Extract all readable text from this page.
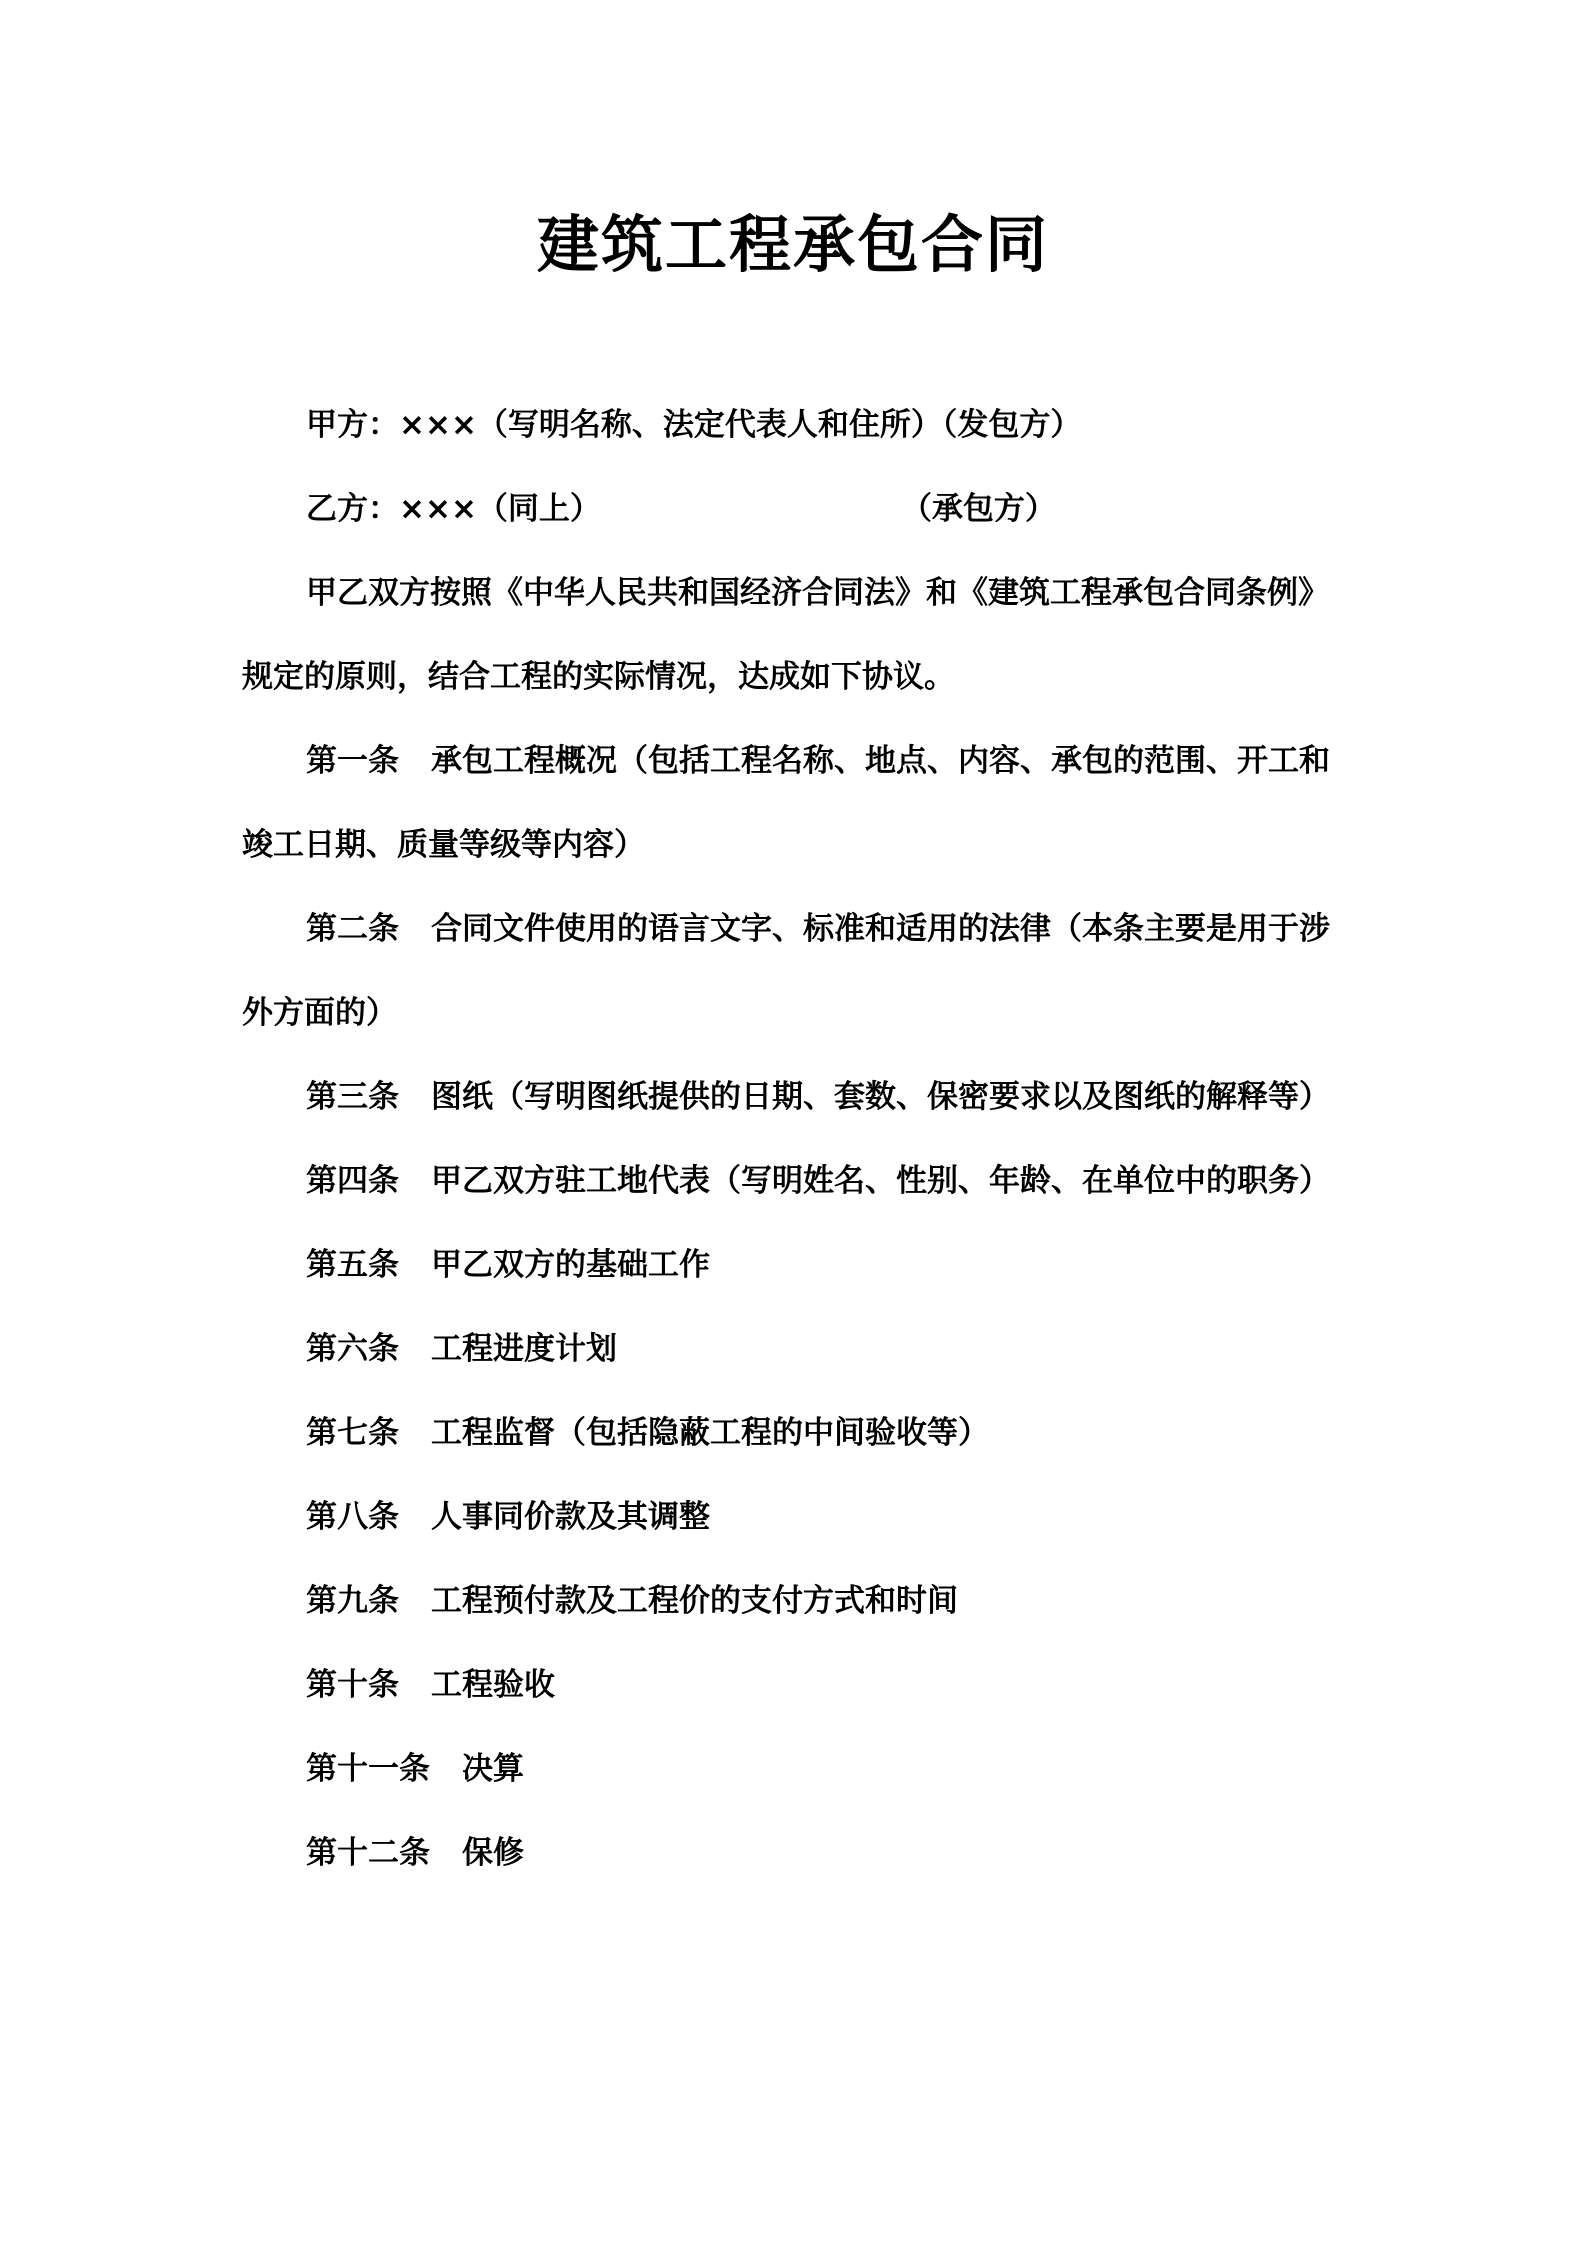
建筑工程承包合同

甲方：×××（写明名称、法定代表人和住所）（发包方）

乙方：×××（同上）	（承包方）

甲乙双方按照《中华人民共和国经济合同法》和《建筑工程承包合同条例》规定的原则，结合工程的实际情况，达成如下协议。

第一条 承包工程概况（包括工程名称、地点、内容、承包的范围、开工和竣工日期、质量等级等内容）

第二条 合同文件使用的语言文字、标准和适用的法律（本条主要是用于涉外方面的）

第三条 图纸（写明图纸提供的日期、套数、保密要求以及图纸的解释等）

第四条 甲乙双方驻工地代表（写明姓名、性别、年龄、在单位中的职务）

第五条 甲乙双方的基础工作

第六条 工程进度计划

第七条 工程监督（包括隐蔽工程的中间验收等）

第八条 人事同价款及其调整

第九条 工程预付款及工程价的支付方式和时间

第十条 工程验收

第十一条 决算

第十二条 保修
